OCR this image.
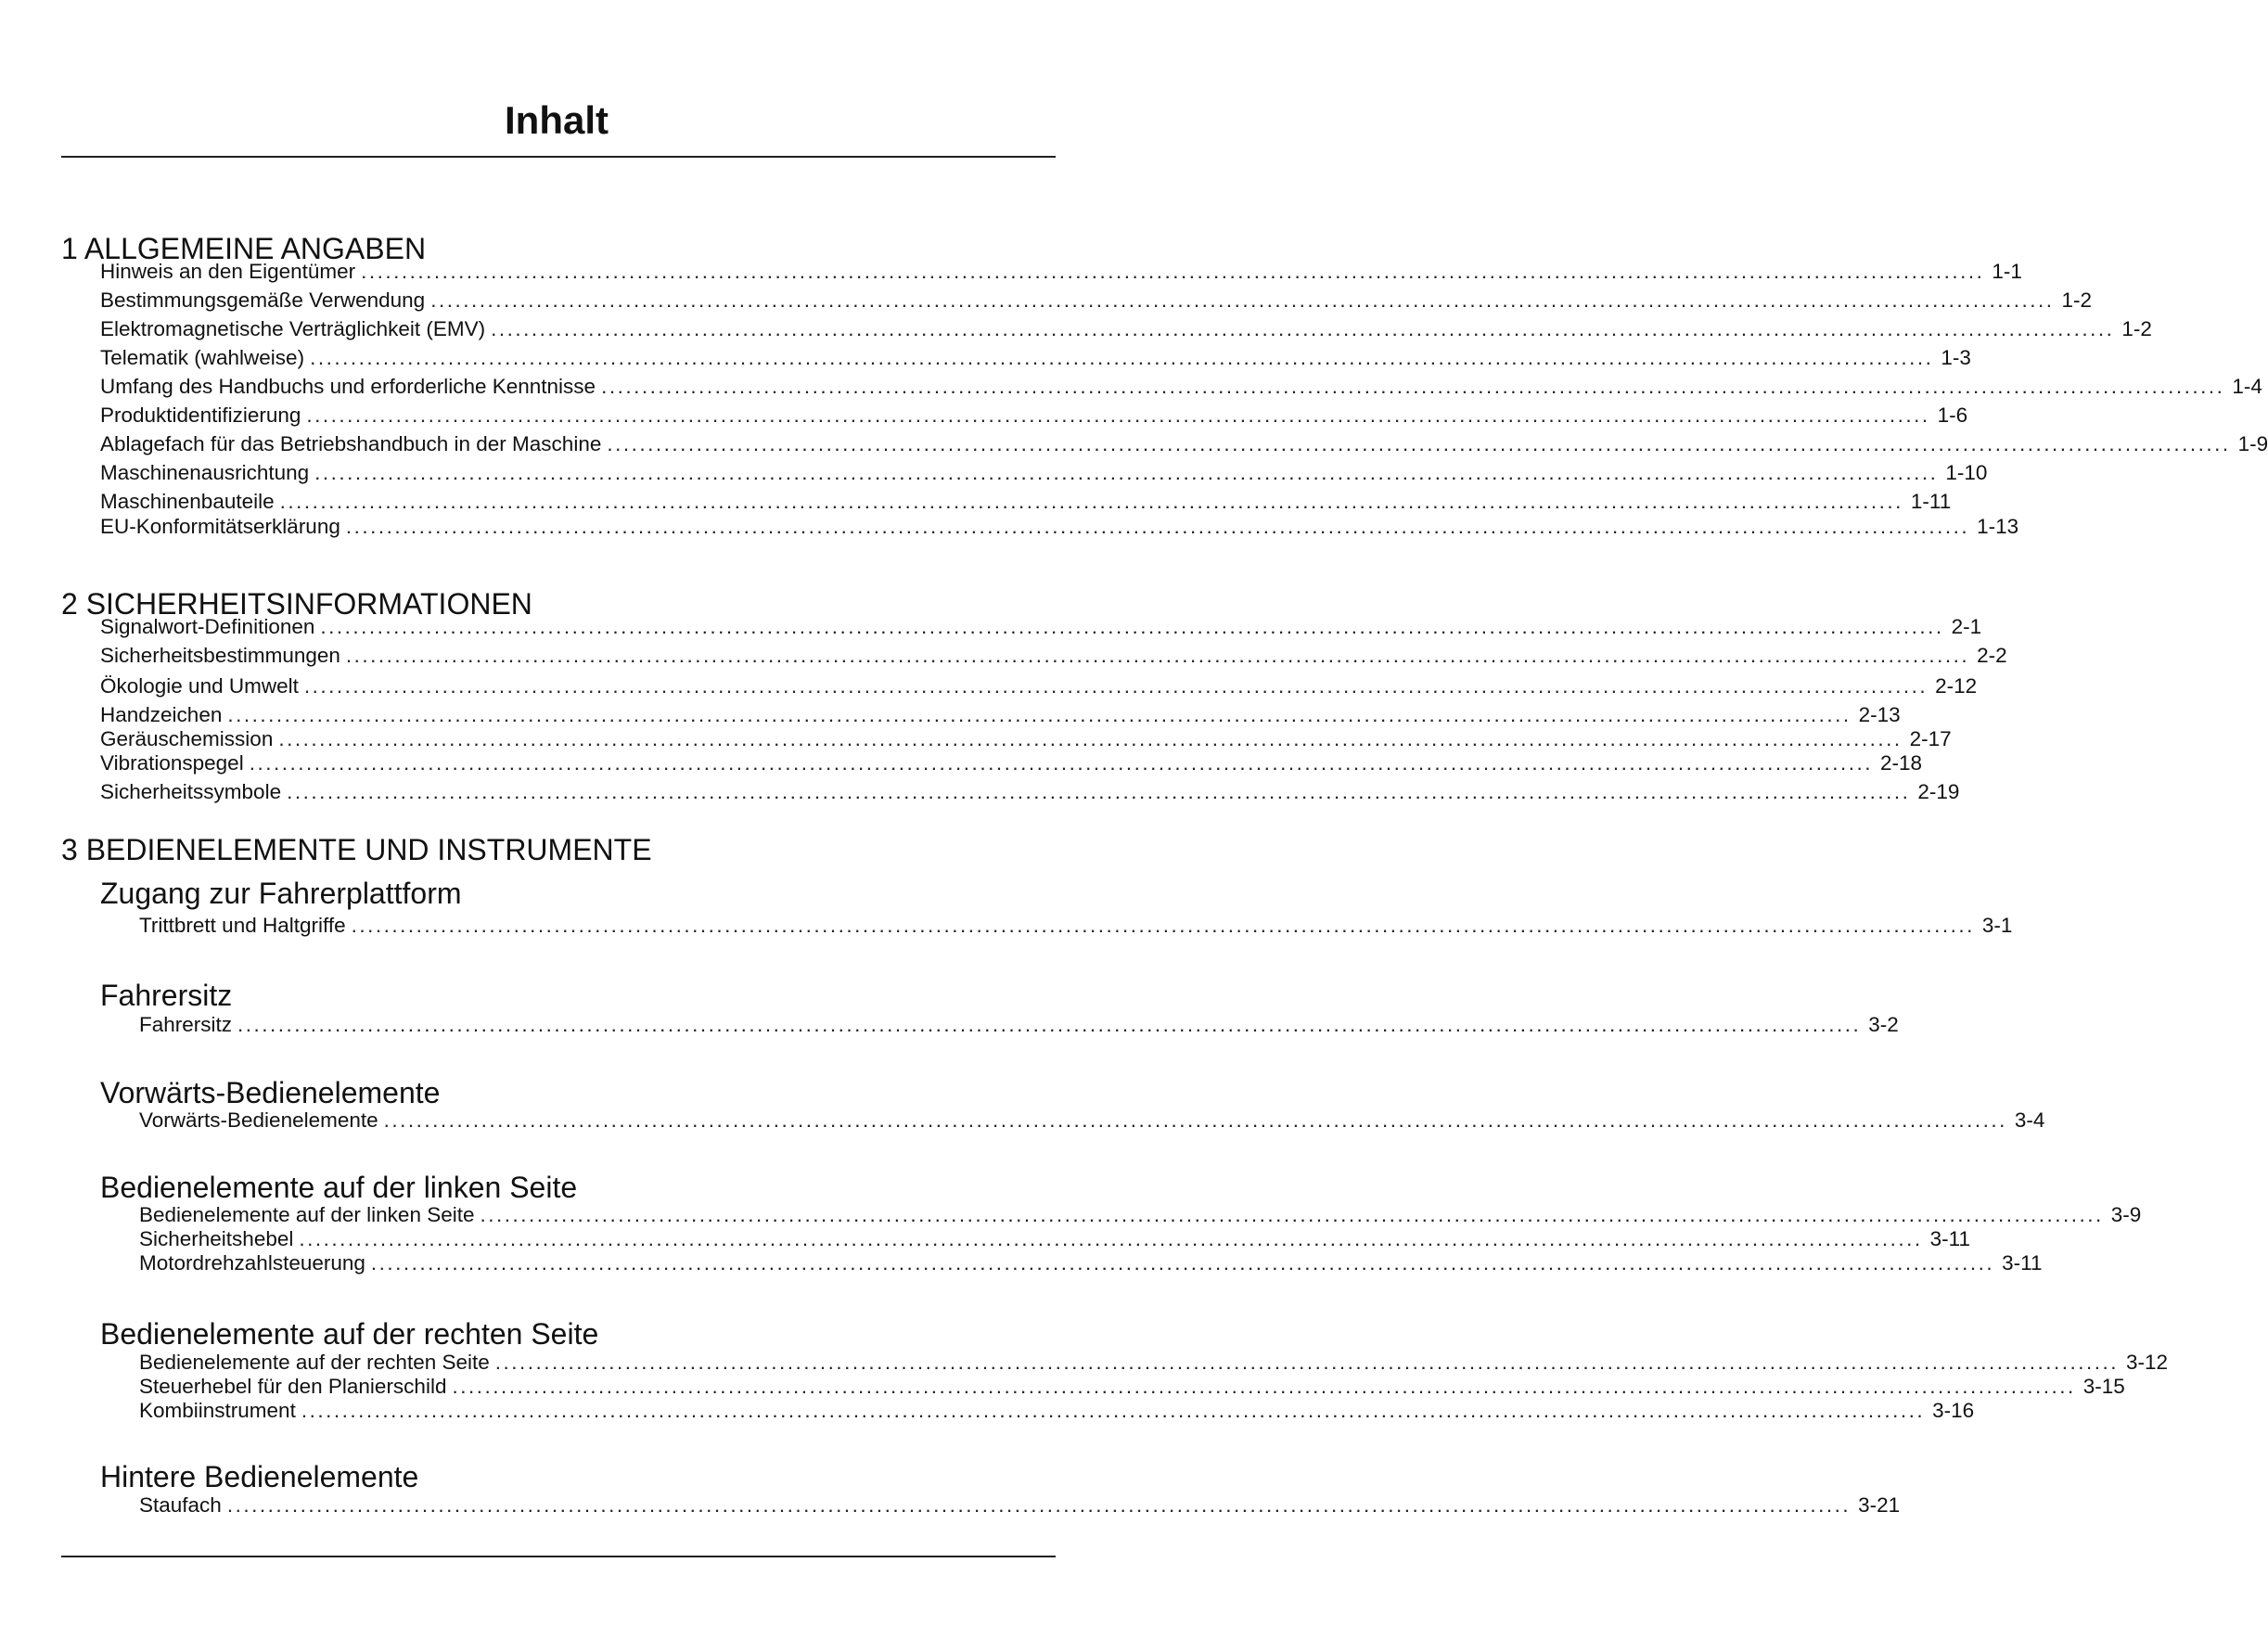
Inhalt
1 ALLGEMEINE ANGABEN
Hinweis an den Eigentümer ........................................................................................................................................................................................................ 1-1
Bestimmungsgemäße Verwendung ........................................................................................................................................................................................................ 1-2
Elektromagnetische Verträglichkeit (EMV) ........................................................................................................................................................................................................ 1-2
Telematik (wahlweise) ........................................................................................................................................................................................................ 1-3
Umfang des Handbuchs und erforderliche Kenntnisse ........................................................................................................................................................................................................ 1-4
Produktidentifizierung ........................................................................................................................................................................................................ 1-6
Ablagefach für das Betriebshandbuch in der Maschine ........................................................................................................................................................................................................ 1-9
Maschinenausrichtung ........................................................................................................................................................................................................ 1-10
Maschinenbauteile ........................................................................................................................................................................................................ 1-11
EU-Konformitätserklärung ........................................................................................................................................................................................................ 1-13
2 SICHERHEITSINFORMATIONEN
Signalwort-Definitionen ........................................................................................................................................................................................................ 2-1
Sicherheitsbestimmungen ........................................................................................................................................................................................................ 2-2
Ökologie und Umwelt ........................................................................................................................................................................................................ 2-12
Handzeichen ........................................................................................................................................................................................................ 2-13
Geräuschemission ........................................................................................................................................................................................................ 2-17
Vibrationspegel ........................................................................................................................................................................................................ 2-18
Sicherheitssymbole ........................................................................................................................................................................................................ 2-19
3 BEDIENELEMENTE UND INSTRUMENTE
Zugang zur Fahrerplattform
Trittbrett und Haltgriffe ........................................................................................................................................................................................................ 3-1
Fahrersitz
Fahrersitz ........................................................................................................................................................................................................ 3-2
Vorwärts-Bedienelemente
Vorwärts-Bedienelemente ........................................................................................................................................................................................................ 3-4
Bedienelemente auf der linken Seite
Bedienelemente auf der linken Seite ........................................................................................................................................................................................................ 3-9
Sicherheitshebel ........................................................................................................................................................................................................ 3-11
Motordrehzahlsteuerung ........................................................................................................................................................................................................ 3-11
Bedienelemente auf der rechten Seite
Bedienelemente auf der rechten Seite ........................................................................................................................................................................................................ 3-12
Steuerhebel für den Planierschild ........................................................................................................................................................................................................ 3-15
Kombiinstrument ........................................................................................................................................................................................................ 3-16
Hintere Bedienelemente
Staufach ........................................................................................................................................................................................................ 3-21
